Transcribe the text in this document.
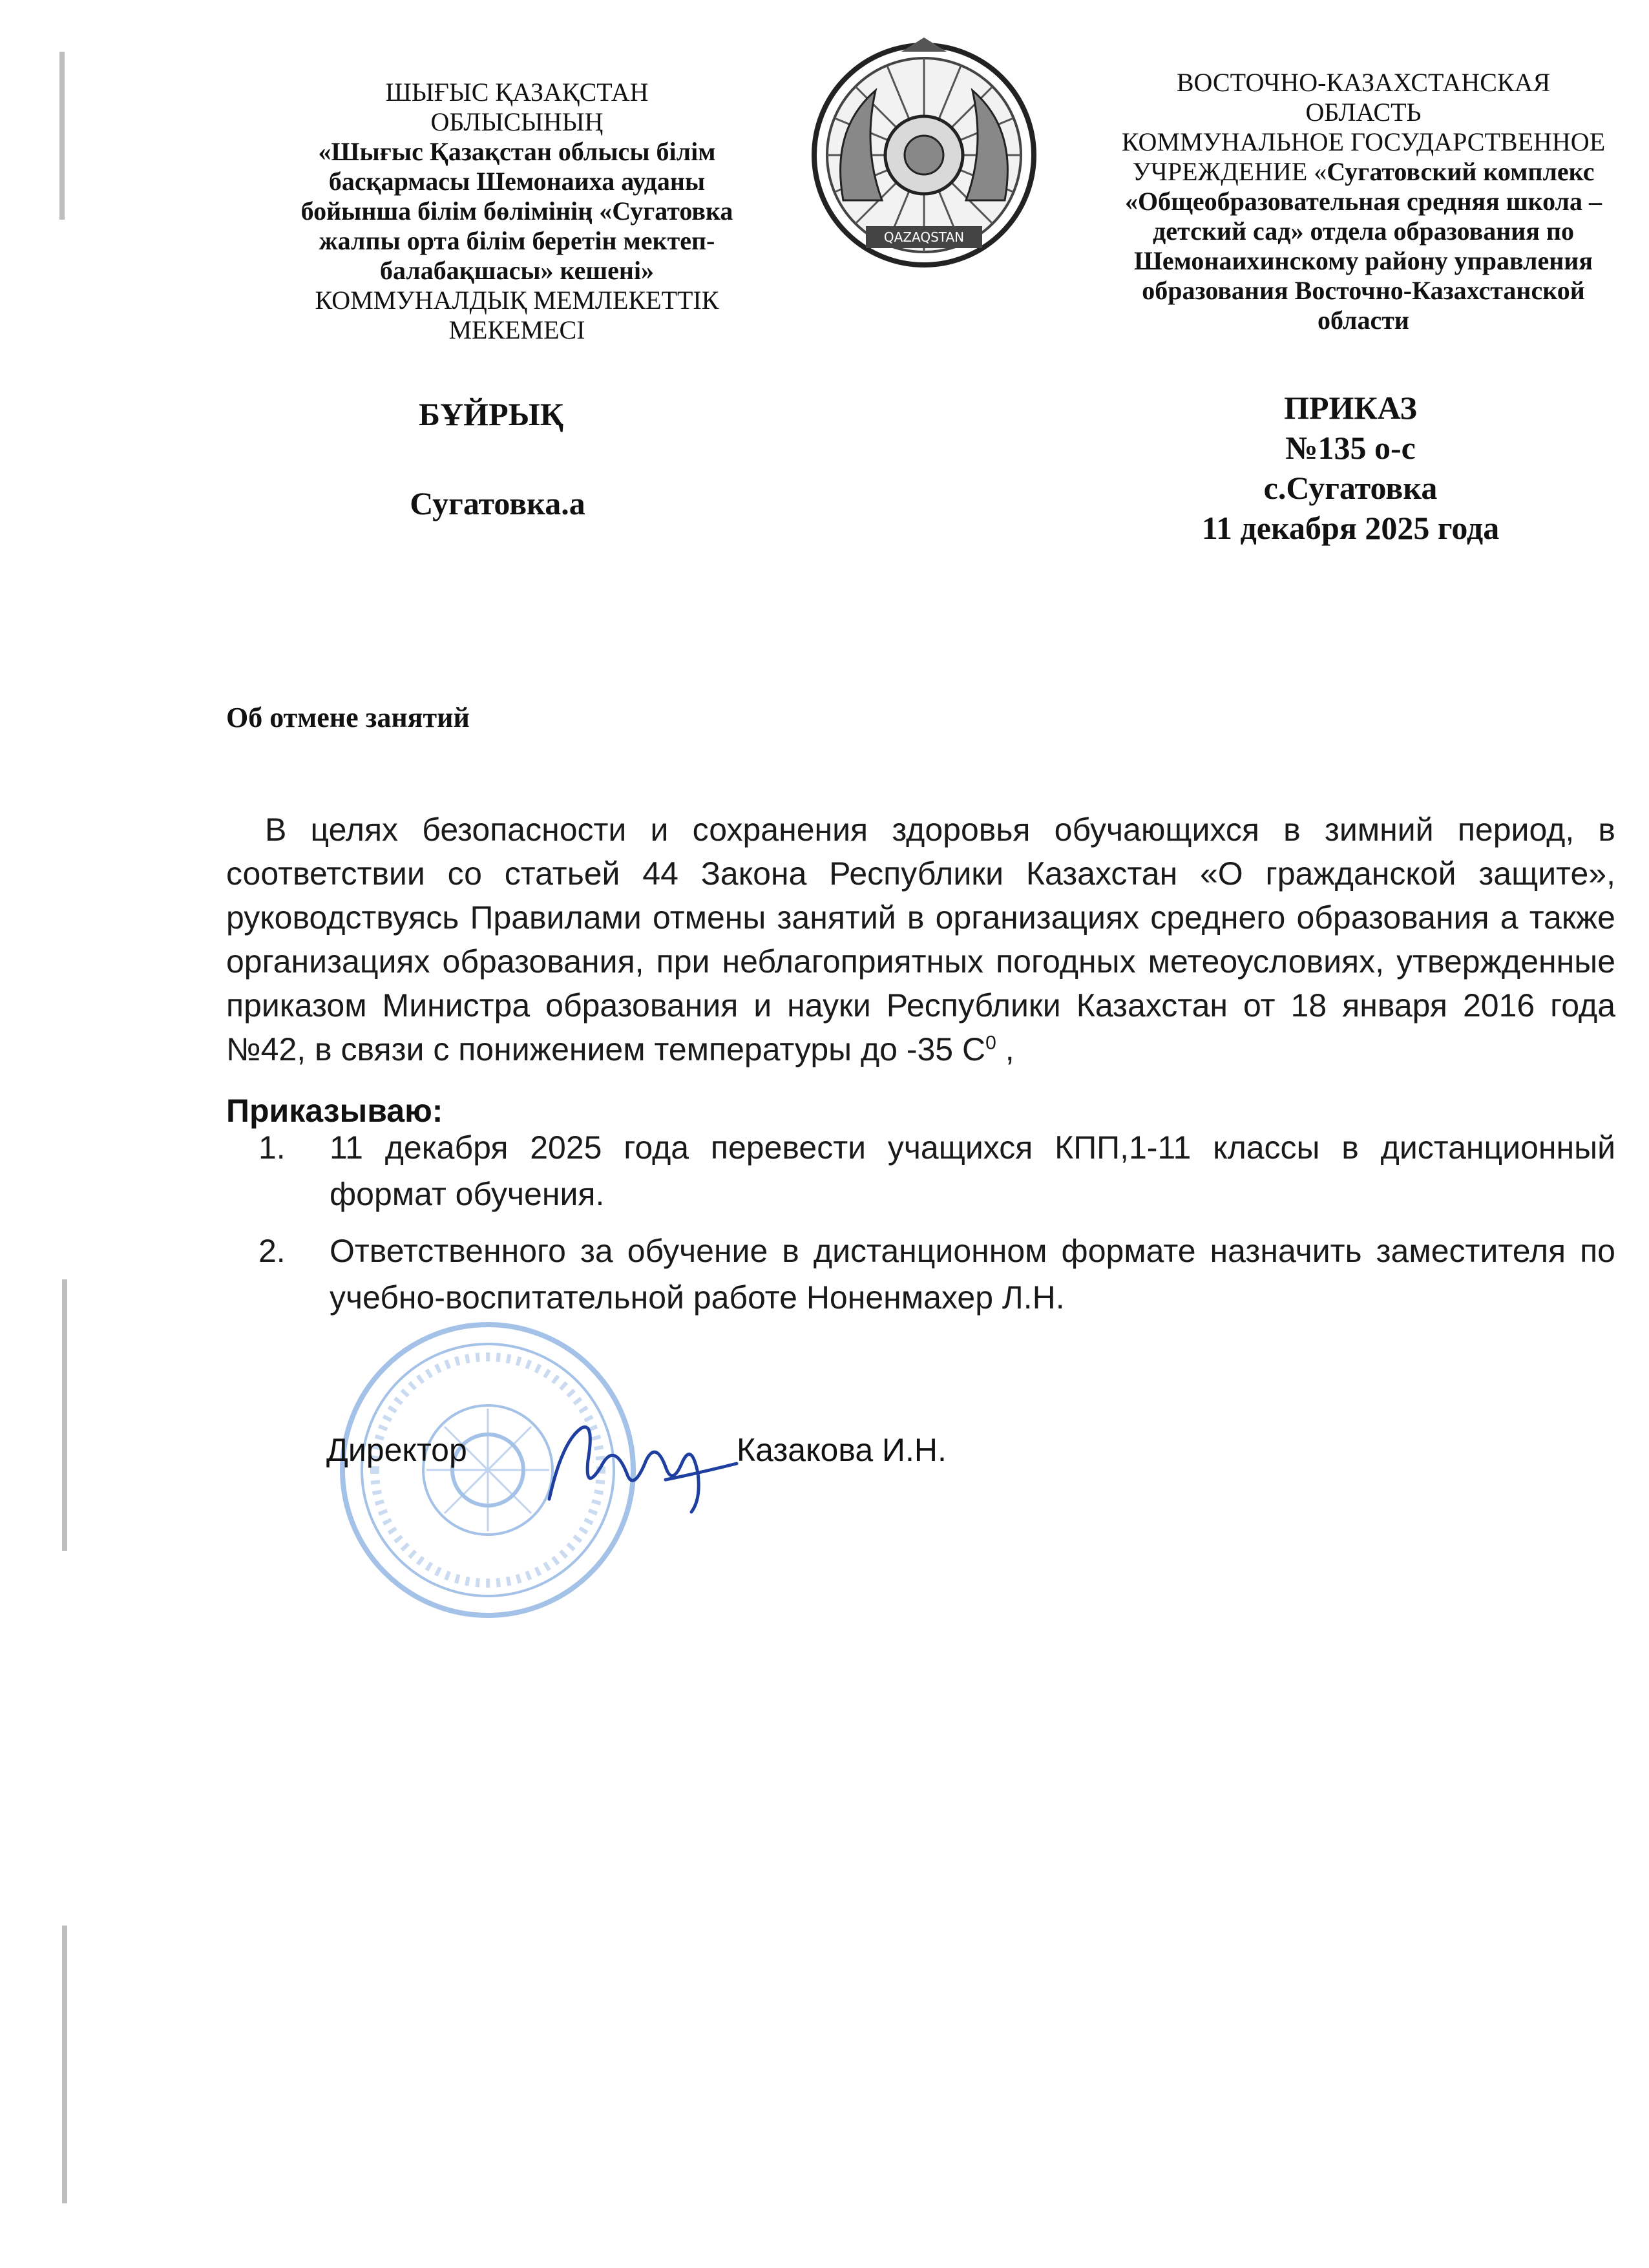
ШЫҒЫС ҚАЗАҚСТАН
ОБЛЫСЫНЫҢ
«Шығыс Қазақстан облысы білім
басқармасы Шемонаиха ауданы
бойынша білім бөлімінің «Сугатовка
жалпы орта білім беретін мектеп-
балабақшасы» кешені»
КОММУНАЛДЫҚ МЕМЛЕКЕТТІК
МЕКЕМЕСІ
QAZAQSTAN
ВОСТОЧНО-КАЗАХСТАНСКАЯ
ОБЛАСТЬ
КОММУНАЛЬНОЕ ГОСУДАРСТВЕННОЕ
УЧРЕЖДЕНИЕ «Сугатовский комплекс
«Общеобразовательная средняя школа –
детский сад» отдела образования по
Шемонаихинскому району управления
образования Восточно-Казахстанской
области
БҰЙРЫҚ
Сугатовка.а
ПРИКАЗ
№135 о-с
с.Сугатовка
11 декабря 2025 года
Об отмене занятий
В целях безопасности и сохранения здоровья обучающихся в зимний период, в соответствии со статьей 44 Закона Республики Казахстан «О гражданской защите», руководствуясь Правилами отмены занятий в организациях среднего образования а также организациях образования, при неблагоприятных погодных метеоусловиях, утвержденные приказом Министра образования и науки Республики Казахстан от 18 января 2016 года №42, в связи с понижением температуры до -35 $С^0$ ,
Приказываю:
1. 11 декабря 2025 года перевести учащихся КПП,1-11 классы в дистанционный формат обучения.
2. Ответственного за обучение в дистанционном формате назначить заместителя по учебно-воспитательной работе Ноненмахер Л.Н.
Директор	Казакова И.Н.
